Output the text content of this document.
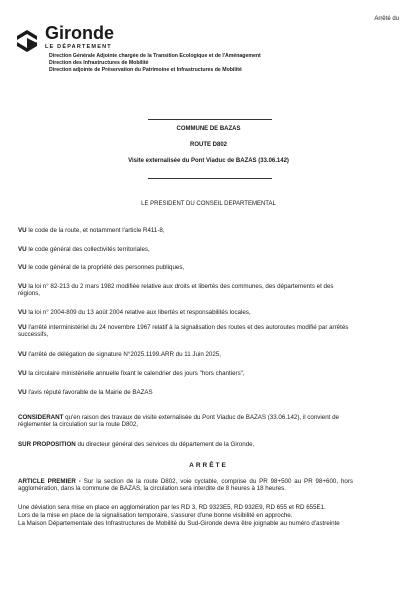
Arrêté du
Gironde
LE DÉPARTEMENT
Direction Générale Adjointe chargée de la Transition Ecologique et de l'Aménagement
Direction des Infrastructures de Mobilité
Direction adjointe de Préservation du Patrimoine et Infrastructures de Mobilité
COMMUNE DE BAZAS
ROUTE D802
Visite externalisée du Pont Viaduc de BAZAS (33.06.142)
LE PRESIDENT DU CONSEIL DEPARTEMENTAL
VU le code de la route, et notamment l'article R411-8,
VU le code général des collectivités territoriales,
VU le code général de la propriété des personnes publiques,
VU la loi n° 82-213 du 2 mars 1982 modifiée relative aux droits et libertés des communes, des départements et des régions,
VU la loi n° 2004-809 du 13 août 2004 relative aux libertés et responsabilités locales,
VU l'arrêté interministériel du 24 novembre 1967 relatif à la signalisation des routes et des autoroutes modifié par arrêtés successifs,
VU l'arrêté de délégation de signature N°2025.1199.ARR du 11 Juin 2025,
VU la circulaire ministérielle annuelle fixant le calendrier des jours "hors chantiers",
VU l'avis réputé favorable de la Mairie de BAZAS
CONSIDERANT qu'en raison des travaux de visite externalisée du Pont Viaduc de BAZAS (33.06.142), il convient de réglementer la circulation sur la route D802,
SUR PROPOSITION du directeur général des services du département de la Gironde,
ARRÊTE
ARTICLE PREMIER - Sur la section de la route D802, voie cyclable, comprise du PR 98+500 au PR 98+600, hors agglomération, dans la commune de BAZAS, la circulation sera interdite de 8 heures à 18 heures.
Une déviation sera mise en place en agglomération par les RD 3, RD 9323E5, RD 932E9, RD 655 et RD 655E1.
Lors de la mise en place de la signalisation temporaire, s'assurer d'une bonne visibilité en approche.
La Maison Départementale des Infrastructures de Mobilité du Sud-Gironde devra être joignable au numéro d'astreinte
